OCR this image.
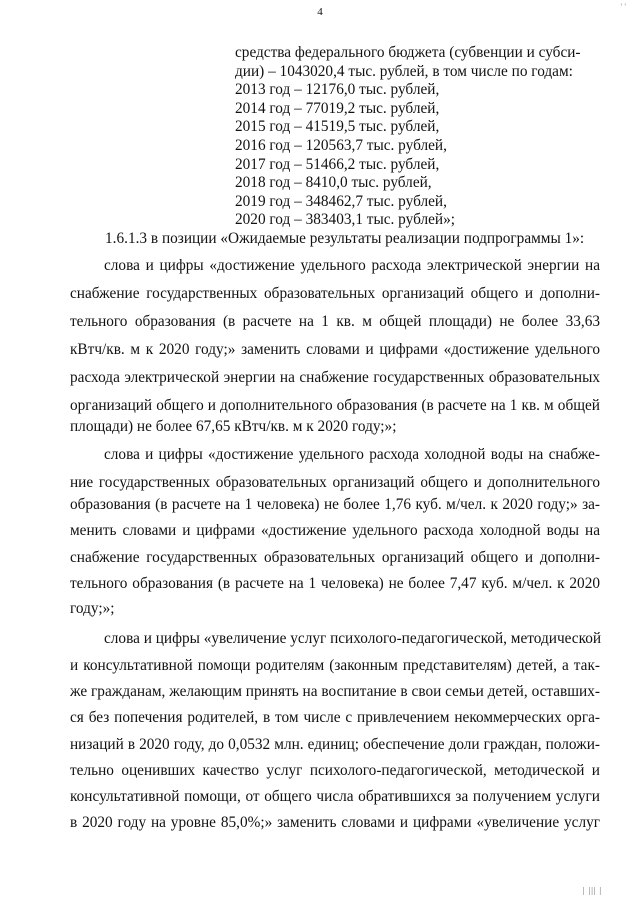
4	' '
средства федерального бюджета (субвенции и субси-
дии) – 1043020,4 тыс. рублей, в том числе по годам:
2013 год – 12176,0 тыс. рублей,
2014 год – 77019,2 тыс. рублей,
2015 год – 41519,5 тыс. рублей,
2016 год – 120563,7 тыс. рублей,
2017 год – 51466,2 тыс. рублей,
2018 год – 8410,0 тыс. рублей,
2019 год – 348462,7 тыс. рублей,
2020 год – 383403,1 тыс. рублей»;
1.6.1.3 в позиции «Ожидаемые результаты реализации подпрограммы 1»:
слова и цифры «достижение удельного расхода электрической энергии на
снабжение государственных образовательных организаций общего и дополни-
тельного образования (в расчете на 1 кв. м общей площади) не более 33,63
кВтч/кв. м к 2020 году;» заменить словами и цифрами «достижение удельного
расхода электрической энергии на снабжение государственных образовательных
организаций общего и дополнительного образования (в расчете на 1 кв. м общей
площади) не более 67,65 кВтч/кв. м к 2020 году;»;
слова и цифры «достижение удельного расхода холодной воды на снабже-
ние государственных образовательных организаций общего и дополнительного
образования (в расчете на 1 человека) не более 1,76 куб. м/чел. к 2020 году;» за-
менить словами и цифрами «достижение удельного расхода холодной воды на
снабжение государственных образовательных организаций общего и дополни-
тельного образования (в расчете на 1 человека) не более 7,47 куб. м/чел. к 2020
году;»;
слова и цифры «увеличение услуг психолого-педагогической, методической
и консультативной помощи родителям (законным представителям) детей, а так-
же гражданам, желающим принять на воспитание в свои семьи детей, оставших-
ся без попечения родителей, в том числе с привлечением некоммерческих орга-
низаций в 2020 году, до 0,0532 млн. единиц; обеспечение доли граждан, положи-
тельно оценивших качество услуг психолого-педагогической, методической и
консультативной помощи, от общего числа обратившихся за получением услуги
в 2020 году на уровне 85,0%;» заменить словами и цифрами «увеличение услуг
| ||| |
